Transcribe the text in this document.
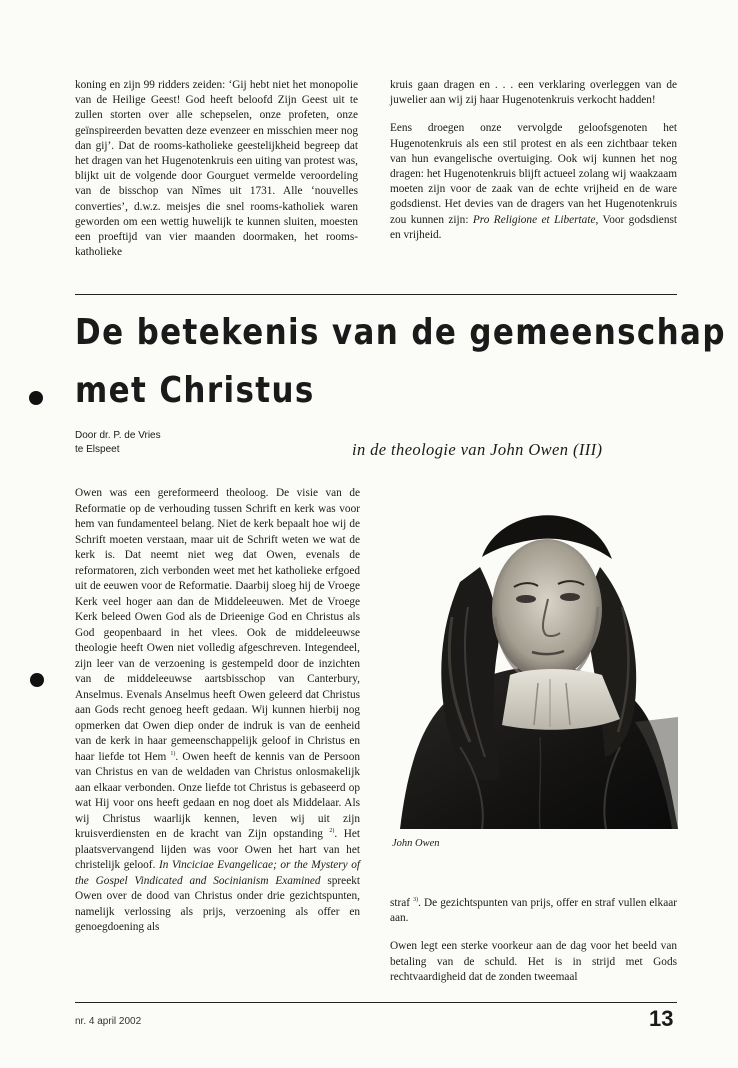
koning en zijn 99 ridders zeiden: ‘Gij hebt niet het monopolie van de Heilige Geest! God heeft beloofd Zijn Geest uit te zullen storten over alle schepselen, onze profeten, onze geïnspireerden bevatten deze evenzeer en misschien meer nog dan gij’. Dat de rooms-katholieke geestelijkheid begreep dat het dragen van het Hugenotenkruis een uiting van protest was, blijkt uit de volgende door Gourguet vermelde veroordeling van de bisschop van Nîmes uit 1731. Alle ‘nouvelles converties’, d.w.z. meisjes die snel rooms-katholiek waren geworden om een wettig huwelijk te kunnen sluiten, moesten een proeftijd van vier maanden doormaken, het rooms-katholieke

kruis gaan dragen en . . . een verklaring overleggen van de juwelier aan wij zij haar Hugenotenkruis verkocht hadden!

Eens droegen onze vervolgde geloofsgenoten het Hugenotenkruis als een stil protest en als een zichtbaar teken van hun evangelische overtuiging. Ook wij kunnen het nog dragen: het Hugenotenkruis blijft actueel zolang wij waakzaam moeten zijn voor de zaak van de echte vrijheid en de ware godsdienst. Het devies van de dragers van het Hugenotenkruis zou kunnen zijn: Pro Religione et Libertate, Voor godsdienst en vrijheid.

De betekenis van de gemeenschap
met Christus
Door dr. P. de Vries
te Elspeet	in de theologie van John Owen (III)

Owen was een gereformeerd theoloog. De visie van de Reformatie op de verhouding tussen Schrift en kerk was voor hem van fundamenteel belang. Niet de kerk bepaalt hoe wij de Schrift moeten verstaan, maar uit de Schrift weten we wat de kerk is. Dat neemt niet weg dat Owen, evenals de reformatoren, zich verbonden weet met het katholieke erfgoed uit de eeuwen voor de Reformatie. Daarbij sloeg hij de Vroege Kerk veel hoger aan dan de Middeleeuwen. Met de Vroege Kerk beleed Owen God als de Drieenige God en Christus als God geopenbaard in het vlees. Ook de middeleeuwse theologie heeft Owen niet volledig afgeschreven. Integendeel, zijn leer van de verzoening is gestempeld door de inzichten van de middeleeuwse aartsbisschop van Canterbury, Anselmus. Evenals Anselmus heeft Owen geleerd dat Christus aan Gods recht genoeg heeft gedaan. Wij kunnen hierbij nog opmerken dat Owen diep onder de indruk is van de eenheid van de kerk in haar gemeenschappelijk geloof in Christus en haar liefde tot Hem $^{1)}$. Owen heeft de kennis van de Persoon van Christus en van de weldaden van Christus onlosmakelijk aan elkaar verbonden. Onze liefde tot Christus is gebaseerd op wat Hij voor ons heeft gedaan en nog doet als Middelaar. Als wij Christus waarlijk kennen, leven wij uit zijn kruisverdiensten en de kracht van Zijn opstanding $^{2)}$. Het plaatsvervangend lijden was voor Owen het hart van het christelijk geloof. In Vinciciae Evangelicae; or the Mystery of the Gospel Vindicated and Socinianism Examined spreekt Owen over de dood van Christus onder drie gezichtspunten, namelijk verlossing als prijs, verzoening als offer en genoegdoening als

John Owen

straf $^{3)}$. De gezichtspunten van prijs, offer en straf vullen elkaar aan.

Owen legt een sterke voorkeur aan de dag voor het beeld van betaling van de schuld. Het is in strijd met Gods rechtvaardigheid dat de zonden tweemaal

nr. 4 april 2002	13
